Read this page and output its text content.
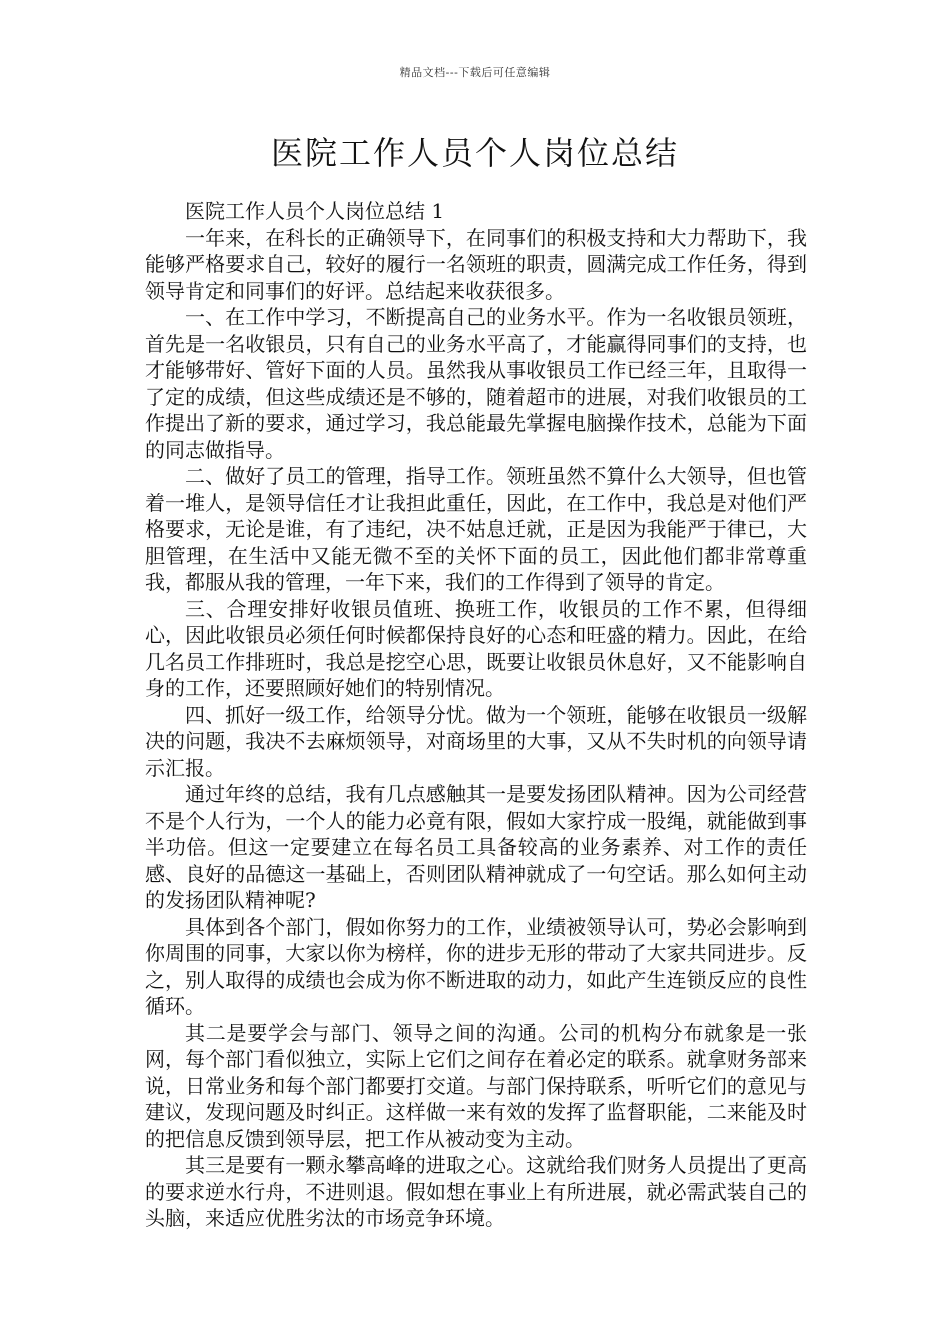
精品文档---下载后可任意编辑
医院工作人员个人岗位总结

医院工作人员个人岗位总结 1

一年来，在科长的正确领导下，在同事们的积极支持和大力帮助下，我能够严格要求自己，较好的履行一名领班的职责，圆满完成工作任务，得到领导肯定和同事们的好评。总结起来收获很多。

一、在工作中学习，不断提高自己的业务水平。作为一名收银员领班，首先是一名收银员，只有自己的业务水平高了，才能赢得同事们的支持，也才能够带好、管好下面的人员。虽然我从事收银员工作已经三年，且取得一了定的成绩，但这些成绩还是不够的，随着超市的进展，对我们收银员的工作提出了新的要求，通过学习，我总能最先掌握电脑操作技术，总能为下面的同志做指导。

二、做好了员工的管理，指导工作。领班虽然不算什么大领导，但也管着一堆人，是领导信任才让我担此重任，因此，在工作中，我总是对他们严格要求，无论是谁，有了违纪，决不姑息迁就，正是因为我能严于律已，大胆管理，在生活中又能无微不至的关怀下面的员工，因此他们都非常尊重我，都服从我的管理，一年下来，我们的工作得到了领导的肯定。

三、合理安排好收银员值班、换班工作，收银员的工作不累，但得细心，因此收银员必须任何时候都保持良好的心态和旺盛的精力。因此，在给几名员工作排班时，我总是挖空心思，既要让收银员休息好，又不能影响自身的工作，还要照顾好她们的特别情况。

四、抓好一级工作，给领导分忧。做为一个领班，能够在收银员一级解决的问题，我决不去麻烦领导，对商场里的大事，又从不失时机的向领导请示汇报。

通过年终的总结，我有几点感触其一是要发扬团队精神。因为公司经营不是个人行为，一个人的能力必竟有限，假如大家拧成一股绳，就能做到事半功倍。但这一定要建立在每名员工具备较高的业务素养、对工作的责任感、良好的品德这一基础上，否则团队精神就成了一句空话。那么如何主动的发扬团队精神呢?

具体到各个部门，假如你努力的工作，业绩被领导认可，势必会影响到你周围的同事，大家以你为榜样，你的进步无形的带动了大家共同进步。反之，别人取得的成绩也会成为你不断进取的动力，如此产生连锁反应的良性循环。

其二是要学会与部门、领导之间的沟通。公司的机构分布就象是一张网，每个部门看似独立，实际上它们之间存在着必定的联系。就拿财务部来说，日常业务和每个部门都要打交道。与部门保持联系，听听它们的意见与建议，发现问题及时纠正。这样做一来有效的发挥了监督职能，二来能及时的把信息反馈到领导层，把工作从被动变为主动。

其三是要有一颗永攀高峰的进取之心。这就给我们财务人员提出了更高的要求逆水行舟，不进则退。假如想在事业上有所进展，就必需武装自己的头脑，来适应优胜劣汰的市场竞争环境。
